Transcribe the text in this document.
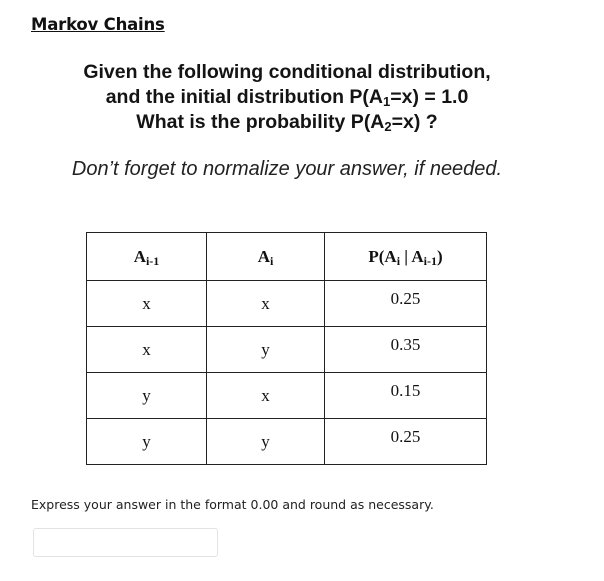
Markov Chains
Given the following conditional distribution,
and the initial distribution $P(A_1=x) = 1.0$
What is the probability $P(A_2=x)$ ?
Don’t forget to normalize your answer, if needed.
Ai-1	Ai	P(Ai | Ai-1)
x	x	0.25
x	y	0.35
y	x	0.15
y	y	0.25
Express your answer in the format 0.00 and round as necessary.
